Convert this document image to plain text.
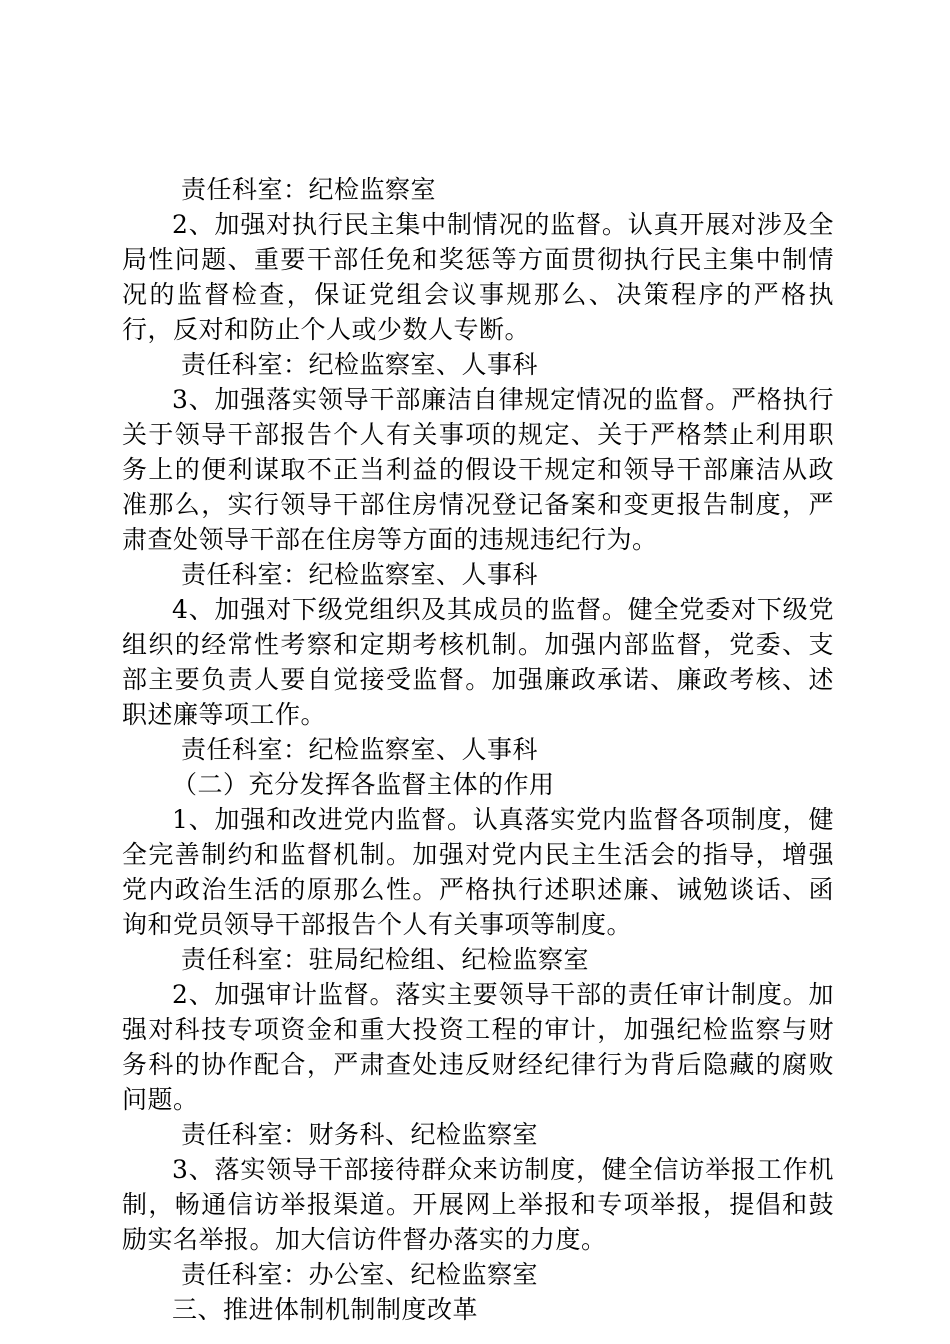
责任科室：纪检监察室

2、加强对执行民主集中制情况的监督。认真开展对涉及全局性问题、重要干部任免和奖惩等方面贯彻执行民主集中制情况的监督检查，保证党组会议事规那么、决策程序的严格执行，反对和防止个人或少数人专断。

责任科室：纪检监察室、人事科

3、加强落实领导干部廉洁自律规定情况的监督。严格执行关于领导干部报告个人有关事项的规定、关于严格禁止利用职务上的便利谋取不正当利益的假设干规定和领导干部廉洁从政准那么，实行领导干部住房情况登记备案和变更报告制度，严肃查处领导干部在住房等方面的违规违纪行为。

责任科室：纪检监察室、人事科

4、加强对下级党组织及其成员的监督。健全党委对下级党组织的经常性考察和定期考核机制。加强内部监督，党委、支部主要负责人要自觉接受监督。加强廉政承诺、廉政考核、述职述廉等项工作。

责任科室：纪检监察室、人事科

（二）充分发挥各监督主体的作用

1、加强和改进党内监督。认真落实党内监督各项制度，健全完善制约和监督机制。加强对党内民主生活会的指导，增强党内政治生活的原那么性。严格执行述职述廉、诫勉谈话、函询和党员领导干部报告个人有关事项等制度。

责任科室：驻局纪检组、纪检监察室

2、加强审计监督。落实主要领导干部的责任审计制度。加强对科技专项资金和重大投资工程的审计，加强纪检监察与财务科的协作配合，严肃查处违反财经纪律行为背后隐藏的腐败问题。

责任科室：财务科、纪检监察室

3、落实领导干部接待群众来访制度，健全信访举报工作机制，畅通信访举报渠道。开展网上举报和专项举报，提倡和鼓励实名举报。加大信访件督办落实的力度。

责任科室：办公室、纪检监察室

三、推进体制机制制度改革
